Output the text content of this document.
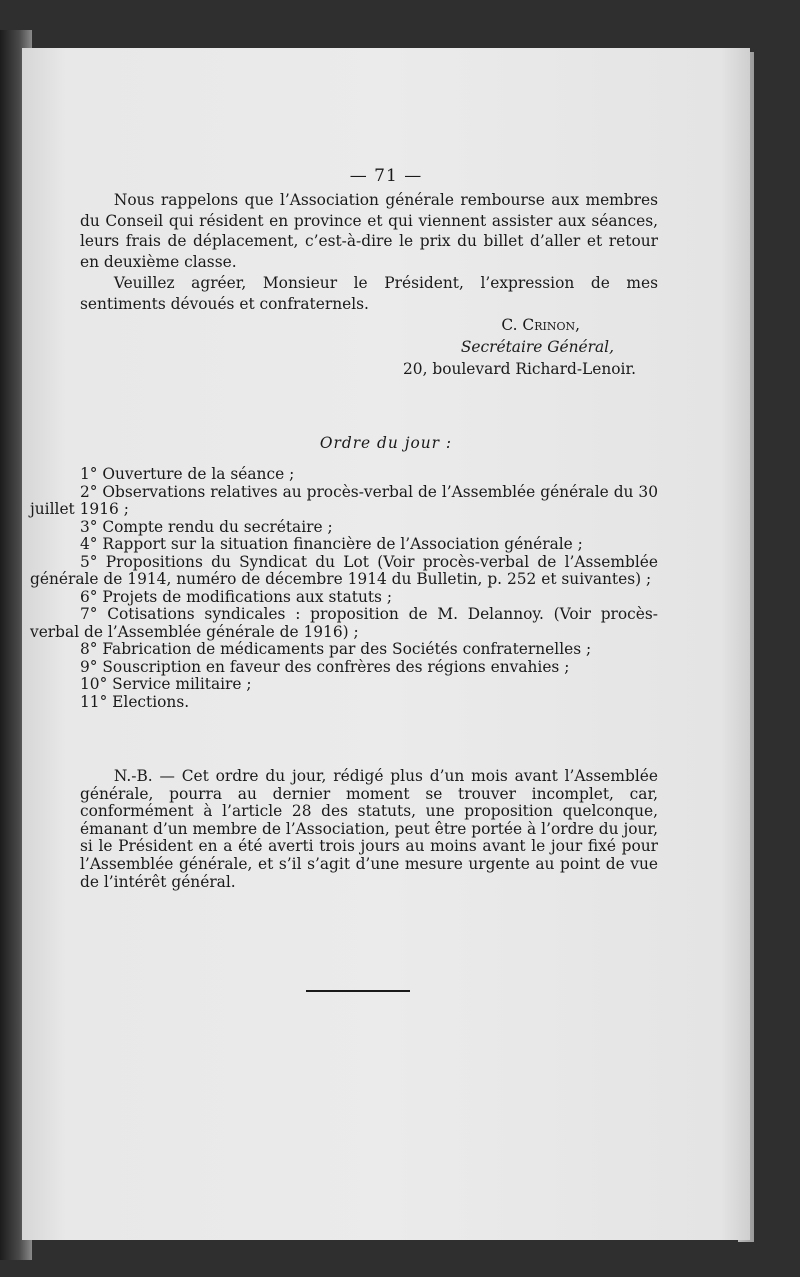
— 71 —

Nous rappelons que l’Association générale rembourse aux membres du Conseil qui résident en province et qui viennent assister aux séances, leurs frais de déplacement, c’est-à-dire le prix du billet d’aller et retour en deuxième classe.

Veuillez agréer, Monsieur le Président, l’expression de mes sentiments dévoués et confraternels.

C. Crinon,
Secrétaire Général,
20, boulevard Richard-Lenoir.
Ordre du jour :
1° Ouverture de la séance ;
2° Observations relatives au procès-verbal de l’Assemblée générale du 30 juillet 1916 ;
3° Compte rendu du secrétaire ;
4° Rapport sur la situation financière de l’Association générale ;
5° Propositions du Syndicat du Lot (Voir procès-verbal de l’Assemblée générale de 1914, numéro de décembre 1914 du Bulletin, p. 252 et suivantes) ;
6° Projets de modifications aux statuts ;
7° Cotisations syndicales : proposition de M. Delannoy. (Voir procès-verbal de l’Assemblée générale de 1916) ;
8° Fabrication de médicaments par des Sociétés confraternelles ;
9° Souscription en faveur des confrères des régions envahies ;
10° Service militaire ;
11° Elections.

N.-B. — Cet ordre du jour, rédigé plus d’un mois avant l’Assemblée générale, pourra au dernier moment se trouver incomplet, car, conformément à l’article 28 des statuts, une proposition quelconque, émanant d’un membre de l’Association, peut être portée à l’ordre du jour, si le Président en a été averti trois jours au moins avant le jour fixé pour l’Assemblée générale, et s’il s’agit d’une mesure urgente au point de vue de l’intérêt général.
